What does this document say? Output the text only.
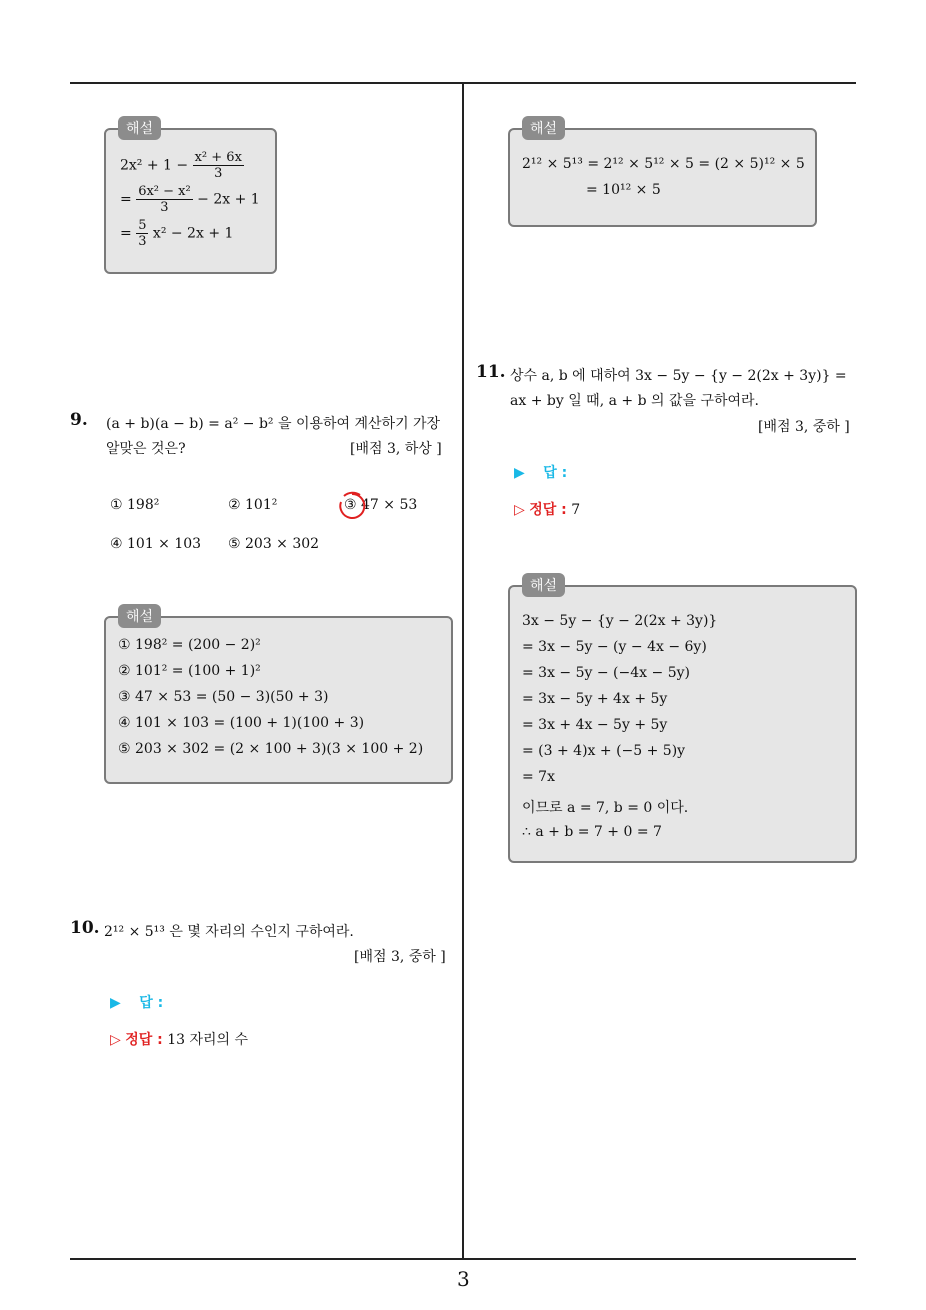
해설
$2x^2 + 1 - \frac{\text{x² + 6x}}{3}$
= $\frac{\text{6x² − x²}}{3} - 2x + 1$
= $\frac{5}{3} x^2 - 2x + 1$
9. (a + b)(a − b) = a² − b² 을 이용하여 계산하기 가장
알맞은 것은?	[배점 3, 하상 ]
① 198²	② 101²	③ 47 × 53
④ 101 × 103 ⑤ 203 × 302
해설
① 198² = (200 − 2)²
② 101² = (100 + 1)²
③ 47 × 53 = (50 − 3)(50 + 3)
④ 101 × 103 = (100 + 1)(100 + 3)
⑤ 203 × 302 = (2 × 100 + 3)(3 × 100 + 2)
10. 2¹² × 5¹³ 은 몇 자리의 수인지 구하여라.
[배점 3, 중하 ]
▶ 답 :
▷ 정답 : 13 자리의 수
해설
2¹² × 5¹³ = 2¹² × 5¹² × 5 = (2 × 5)¹² × 5
= 10¹² × 5
11. 상수 a, b 에 대하여 3x − 5y − {y − 2(2x + 3y)} =
ax + by 일 때, a + b 의 값을 구하여라.
[배점 3, 중하 ]
▶ 답 :
▷ 정답 : 7
해설
3x − 5y − {y − 2(2x + 3y)}
= 3x − 5y − (y − 4x − 6y)
= 3x − 5y − (−4x − 5y)
= 3x − 5y + 4x + 5y
= 3x + 4x − 5y + 5y
= (3 + 4)x + (−5 + 5)y
= 7x
이므로 a = 7, b = 0 이다.
∴ a + b = 7 + 0 = 7
3
